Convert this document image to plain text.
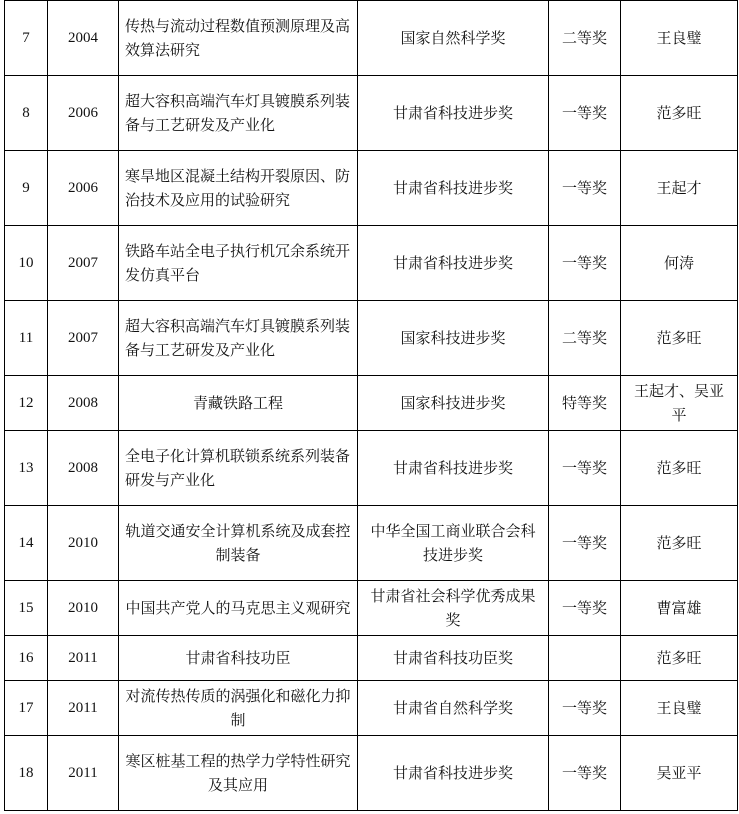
7	2004	传热与流动过程数值预测原理及高效算法研究	国家自然科学奖	二等奖	王良璧
8	2006	超大容积高端汽车灯具镀膜系列装备与工艺研发及产业化	甘肃省科技进步奖	一等奖	范多旺
9	2006	寒旱地区混凝土结构开裂原因、防治技术及应用的试验研究	甘肃省科技进步奖	一等奖	王起才
10	2007	铁路车站全电子执行机冗余系统开发仿真平台	甘肃省科技进步奖	一等奖	何涛
11	2007	超大容积高端汽车灯具镀膜系列装备与工艺研发及产业化	国家科技进步奖	二等奖	范多旺
12	2008	青藏铁路工程	国家科技进步奖	特等奖	王起才、吴亚平
13	2008	全电子化计算机联锁系统系列装备研发与产业化	甘肃省科技进步奖	一等奖	范多旺
14	2010	轨道交通安全计算机系统及成套控制装备	中华全国工商业联合会科技进步奖	一等奖	范多旺
15	2010	中国共产党人的马克思主义观研究	甘肃省社会科学优秀成果奖	一等奖	曹富雄
16	2011	甘肃省科技功臣	甘肃省科技功臣奖		范多旺
17	2011	对流传热传质的涡强化和磁化力抑制	甘肃省自然科学奖	一等奖	王良璧
18	2011	寒区桩基工程的热学力学特性研究及其应用	甘肃省科技进步奖	一等奖	吴亚平
